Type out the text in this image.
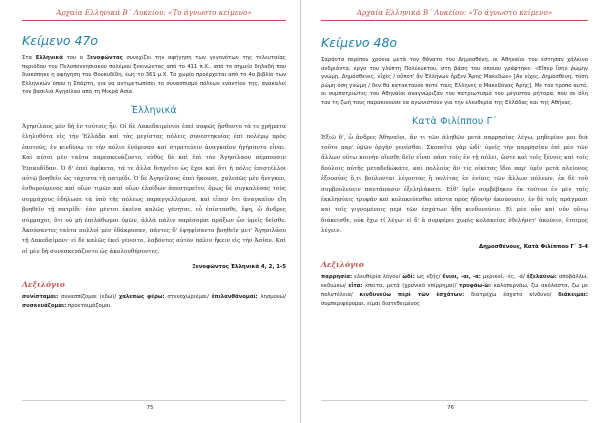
Αρχαία Ελληνικά Β΄ Λυκείου: «Το άγνωστο κείμενο»
Κείμενο 47ο

Στα Ελληνικά του ο Ξενοφώντας συνεχίζει την αφήγηση των γεγονότων της τελευταίας περιόδου του Πελοποννησιακού πολέμου ξεκινώντας από το 411 π.Χ., από το σημείο δηλαδή που διακόπηκε η αφήγηση του Θουκυδίδη, έως το 361 μ.Χ. Το χωρίο προέρχεται από το 4ο βιβλίο των Ελληνικών όπου η Σπάρτη, για να αντιμετωπίσει το συνασπισμό πόλεων εναντίον της, ανακαλεί τον βασιλιά Αγησίλαο από τη Μικρά Ασία.

Ἑλληνικά

Ἀγησίλαος μὲν δὴ ἐν τούτοις ἦν. Οἱ δὲ Λακεδαιμόνιοι ἐπεὶ σαφῶς ᾔσθοντο τά τε χρήματα ἐληλυθότα εἰς τὴν Ἑλλάδα καὶ τὰς μεγίστας πόλεις συνεστηκυίας ἐπὶ πολέμῳ πρὸς ἑαυτούς, ἐν κινδύνῳ τε τὴν πόλιν ἐνόμισαν καὶ στρατεύειν ἀναγκαῖον ἡγήσαντο εἶναι. Καὶ αὐτοὶ μὲν ταῦτα παρεσκευάζοντο, εὐθὺς δὲ καὶ ἐπὶ τὸν Ἀγησίλαον πέμπουσιν Ἐπικυδίδαν. Ὁ δ' ἐπεὶ ἀφίκετο, τά τε ἄλλα διηγεῖτο ὡς ἔχοι καὶ ὅτι ἡ πόλις ἐπιστέλλοι αὐτῷ βοηθεῖν ὡς τάχιστα τῇ πατρίδι. Ὁ δὲ Ἀγησίλαος ἐπεὶ ἤκουσε, χαλεπῶς μὲν ἤνεγκεν, ἐνθυμούμενος καὶ οἵων τιμῶν καὶ οἵων ἐλπίδων ἀπεστερεῖτο, ὅμως δὲ συγκαλέσας τοὺς συμμάχους ἐδήλωσε τὰ ὑπὸ τῆς πόλεως παραγγελλόμενα, καὶ εἶπεν ὅτι ἀναγκαῖον εἴη βοηθεῖν τῇ πατρίδι· ἐὰν μέντοι ἐκεῖνα καλῶς γένηται, εὖ ἐπίστασθε, ἔφη, ὦ ἄνδρες σύμμαχοι, ὅτι οὐ μὴ ἐπιλάθωμαι ὑμῶν, ἀλλὰ πάλιν παρέσομαι πράξων ὧν ὑμεῖς δεῖσθε. Ἀκούσαντες ταῦτα πολλοὶ μὲν ἐδάκρυσαν, πάντες δ' ἐψηφίσαντο βοηθεῖν μετ' Ἀγησιλάου τῇ Λακεδαίμονι· εἰ δὲ καλῶς ἐκεῖ γένοιτο, λαβόντες αὐτὸν πάλιν ἥκειν εἰς τὴν Ἀσίαν. Καὶ οἱ μὲν δὴ συνεσκευάζοντο ὡς ἀκολουθήσοντες.

Ξενοφῶντος Ἑλληνικά 4, 2, 1-5

Λεξιλόγιο

συνίσταμαι: συνασπίζομαι (εδώ)/ χαλεπῶς φέρω: στενοχωριέμαι/ ἐπιλανθάνομαι: λησμονώ/ συσκευάζομαι: προετοιμάζομαι

75
Αρχαία Ελληνικά Β΄ Λυκείου: «Το άγνωστο κείμενο»
Κείμενο 48ο

Σαράντα περίπου χρόνια μετά τον θάνατο του Δημοσθένη, οι Αθηναίοι του έστησαν χάλκινο ανδριάντα, έργο του γλύπτη Πολύευκτου, στη βάση του οποίου γράφτηκε: «Εἴπερ ἴσην ῥώμην γνώμῃ, Δημόσθενες, εἶχες / οὔποτ' ἂν Ἑλλήνων ἦρξεν Ἄρης Μακεδών» [Αν είχες, Δημοσθένη, τόση ρώμη όση γνώμη / δεν θα κατακτούσε ποτέ τους Έλληνες ο Μακεδόνας Άρης]. Με τον τρόπο αυτό, οι συμπατριώτες του Αθηναίοι αναγνώριζαν τον πατριωτισμό του μέγιστου ρήτορα, που σε όλη του τη ζωή τους παρακινούσε να αγωνιστούν για την ελευθερία της Ελλάδας και της Αθήνας.

Κατὰ Φιλίππου Γ΄

Ἐξιῶ δ', ὦ ἄνδρες Ἀθηναῖοι, ἄν τι τῶν ἀληθῶν μετὰ παρρησίας λέγω, μηδεμίαν μοι διὰ τοῦτο παρ' ὑμῶν ὀργὴν γενέσθαι. Σκοπεῖτε γὰρ ὡδί· ὑμεῖς τὴν παρρησίαν ἐπὶ μὲν τῶν ἄλλων οὕτω κοινὴν οἴεσθε δεῖν εἶναι πᾶσι τοῖς ἐν τῇ πόλει, ὥστε καὶ τοῖς ξένοις καὶ τοῖς δούλοις αὐτῆς μεταδεδώκατε, καὶ πολλοὺς ἄν τις οἰκέτας ἴδοι παρ' ὑμῖν μετὰ πλείονος ἐξουσίας ὅ,τι βούλονται λέγοντας ἢ πολίτας ἐν ἐνίαις τῶν ἄλλων πόλεων, ἐκ δὲ τοῦ συμβουλεύειν παντάπασιν ἐξεληλάκατε. Εἶθ' ὑμῖν συμβέβηκεν ἐκ τούτου ἐν μὲν ταῖς ἐκκλησίαις τρυφᾶν καὶ κολακεύεσθαι πάντα πρὸς ἡδονὴν ἀκούουσιν, ἐν δὲ τοῖς πράγμασι καὶ τοῖς γιγνομένοις περὶ τῶν ἐσχάτων ἤδη κινδυνεύειν. Εἰ μὲν οὖν καὶ νῦν οὕτω διάκεισθε, οὐκ ἔχω τί λέγω· εἰ δ' ἃ συμφέρει χωρὶς κολακείας ἐθελήσετ' ἀκούειν, ἕτοιμος λέγειν.

Δημοσθένους, Κατὰ Φιλίππου Γ΄ 3-4

Λεξιλόγιο

παρρησία: ελευθερία λόγου/ ὡδί: ως εξής/ ἔνιοι, -αι, -α: μερικοί, -ές, -ά/ ἐξελαύνω: αποβάλλω, εκδιώκω/ εἶτα: έπειτα, μετά (χρονικό επίρρημα)/ τρυφάω-ῶ: καλοπερνάω, ζω ακόλαστα, ζω με πολυτέλεια/ κινδυνεύω περὶ τῶν ἐσχάτων: διατρέχω έσχατο κίνδυνο/ διάκειμαι: συμπεριφέρομαι, είμαι διατεθειμένος

76
